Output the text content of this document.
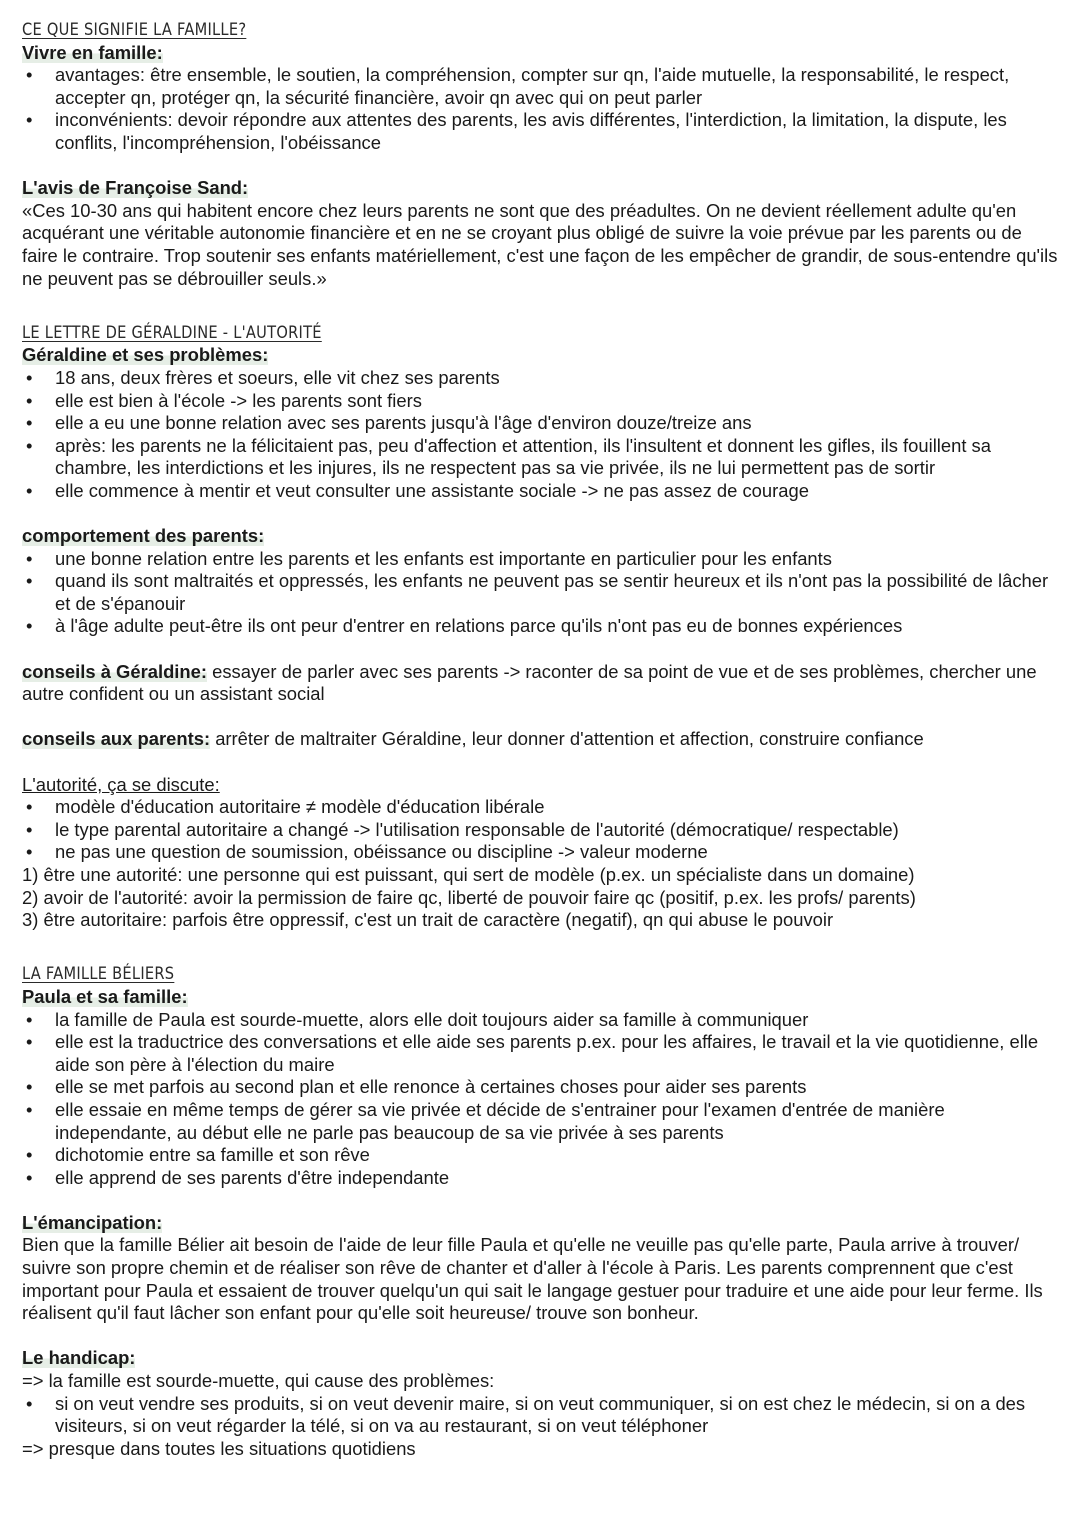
CE QUE SIGNIFIE LA FAMILLE?
Vivre en famille:
• avantages: être ensemble, le soutien, la compréhension, compter sur qn, l'aide mutuelle, la responsabilité, le respect, accepter qn, protéger qn, la sécurité financière, avoir qn avec qui on peut parler
• inconvénients: devoir répondre aux attentes des parents, les avis différentes, l'interdiction, la limitation, la dispute, les conflits, l'incompréhension, l'obéissance
L'avis de Françoise Sand:

«Ces 10-30 ans qui habitent encore chez leurs parents ne sont que des préadultes. On ne devient réellement adulte qu'en acquérant une véritable autonomie financière et en ne se croyant plus obligé de suivre la voie prévue par les parents ou de faire le contraire. Trop soutenir ses enfants matériellement, c'est une façon de les empêcher de grandir, de sous-entendre qu'ils ne peuvent pas se débrouiller seuls.»

LE LETTRE DE GÉRALDINE - L'AUTORITÉ
Géraldine et ses problèmes:
• 18 ans, deux frères et soeurs, elle vit chez ses parents
• elle est bien à l'école -> les parents sont fiers
• elle a eu une bonne relation avec ses parents jusqu'à l'âge d'environ douze/treize ans
• après: les parents ne la félicitaient pas, peu d'affection et attention, ils l'insultent et donnent les gifles, ils fouillent sa chambre, les interdictions et les injures, ils ne respectent pas sa vie privée, ils ne lui permettent pas de sortir
• elle commence à mentir et veut consulter une assistante sociale -> ne pas assez de courage
comportement des parents:
• une bonne relation entre les parents et les enfants est importante en particulier pour les enfants
• quand ils sont maltraités et oppressés, les enfants ne peuvent pas se sentir heureux et ils n'ont pas la possibilité de lâcher et de s'épanouir
• à l'âge adulte peut-être ils ont peur d'entrer en relations parce qu'ils n'ont pas eu de bonnes expériences

conseils à Géraldine: essayer de parler avec ses parents -> raconter de sa point de vue et de ses problèmes, chercher une autre confident ou un assistant social

conseils aux parents: arrêter de maltraiter Géraldine, leur donner d'attention et affection, construire confiance

L'autorité, ça se discute:
• modèle d'éducation autoritaire ≠ modèle d'éducation libérale
• le type parental autoritaire a changé -> l'utilisation responsable de l'autorité (démocratique/ respectable)
• ne pas une question de soumission, obéissance ou discipline -> valeur moderne

1) être une autorité: une personne qui est puissant, qui sert de modèle (p.ex. un spécialiste dans un domaine)

2) avoir de l'autorité: avoir la permission de faire qc, liberté de pouvoir faire qc (positif, p.ex. les profs/ parents)

3) être autoritaire: parfois être oppressif, c'est un trait de caractère (negatif), qn qui abuse le pouvoir

LA FAMILLE BÉLIERS
Paula et sa famille:
• la famille de Paula est sourde-muette, alors elle doit toujours aider sa famille à communiquer
• elle est la traductrice des conversations et elle aide ses parents p.ex. pour les affaires, le travail et la vie quotidienne, elle aide son père à l'élection du maire
• elle se met parfois au second plan et elle renonce à certaines choses pour aider ses parents
• elle essaie en même temps de gérer sa vie privée et décide de s'entrainer pour l'examen d'entrée de manière independante, au début elle ne parle pas beaucoup de sa vie privée à ses parents
• dichotomie entre sa famille et son rêve
• elle apprend de ses parents d'être independante
L'émancipation:

Bien que la famille Bélier ait besoin de l'aide de leur fille Paula et qu'elle ne veuille pas qu'elle parte, Paula arrive à trouver/ suivre son propre chemin et de réaliser son rêve de chanter et d'aller à l'école à Paris. Les parents comprennent que c'est important pour Paula et essaient de trouver quelqu'un qui sait le langage gestuer pour traduire et une aide pour leur ferme. Ils réalisent qu'il faut lâcher son enfant pour qu'elle soit heureuse/ trouve son bonheur.

Le handicap:

=> la famille est sourde-muette, qui cause des problèmes:

• si on veut vendre ses produits, si on veut devenir maire, si on veut communiquer, si on est chez le médecin, si on a des visiteurs, si on veut régarder la télé, si on va au restaurant, si on veut téléphoner

=> presque dans toutes les situations quotidiens
